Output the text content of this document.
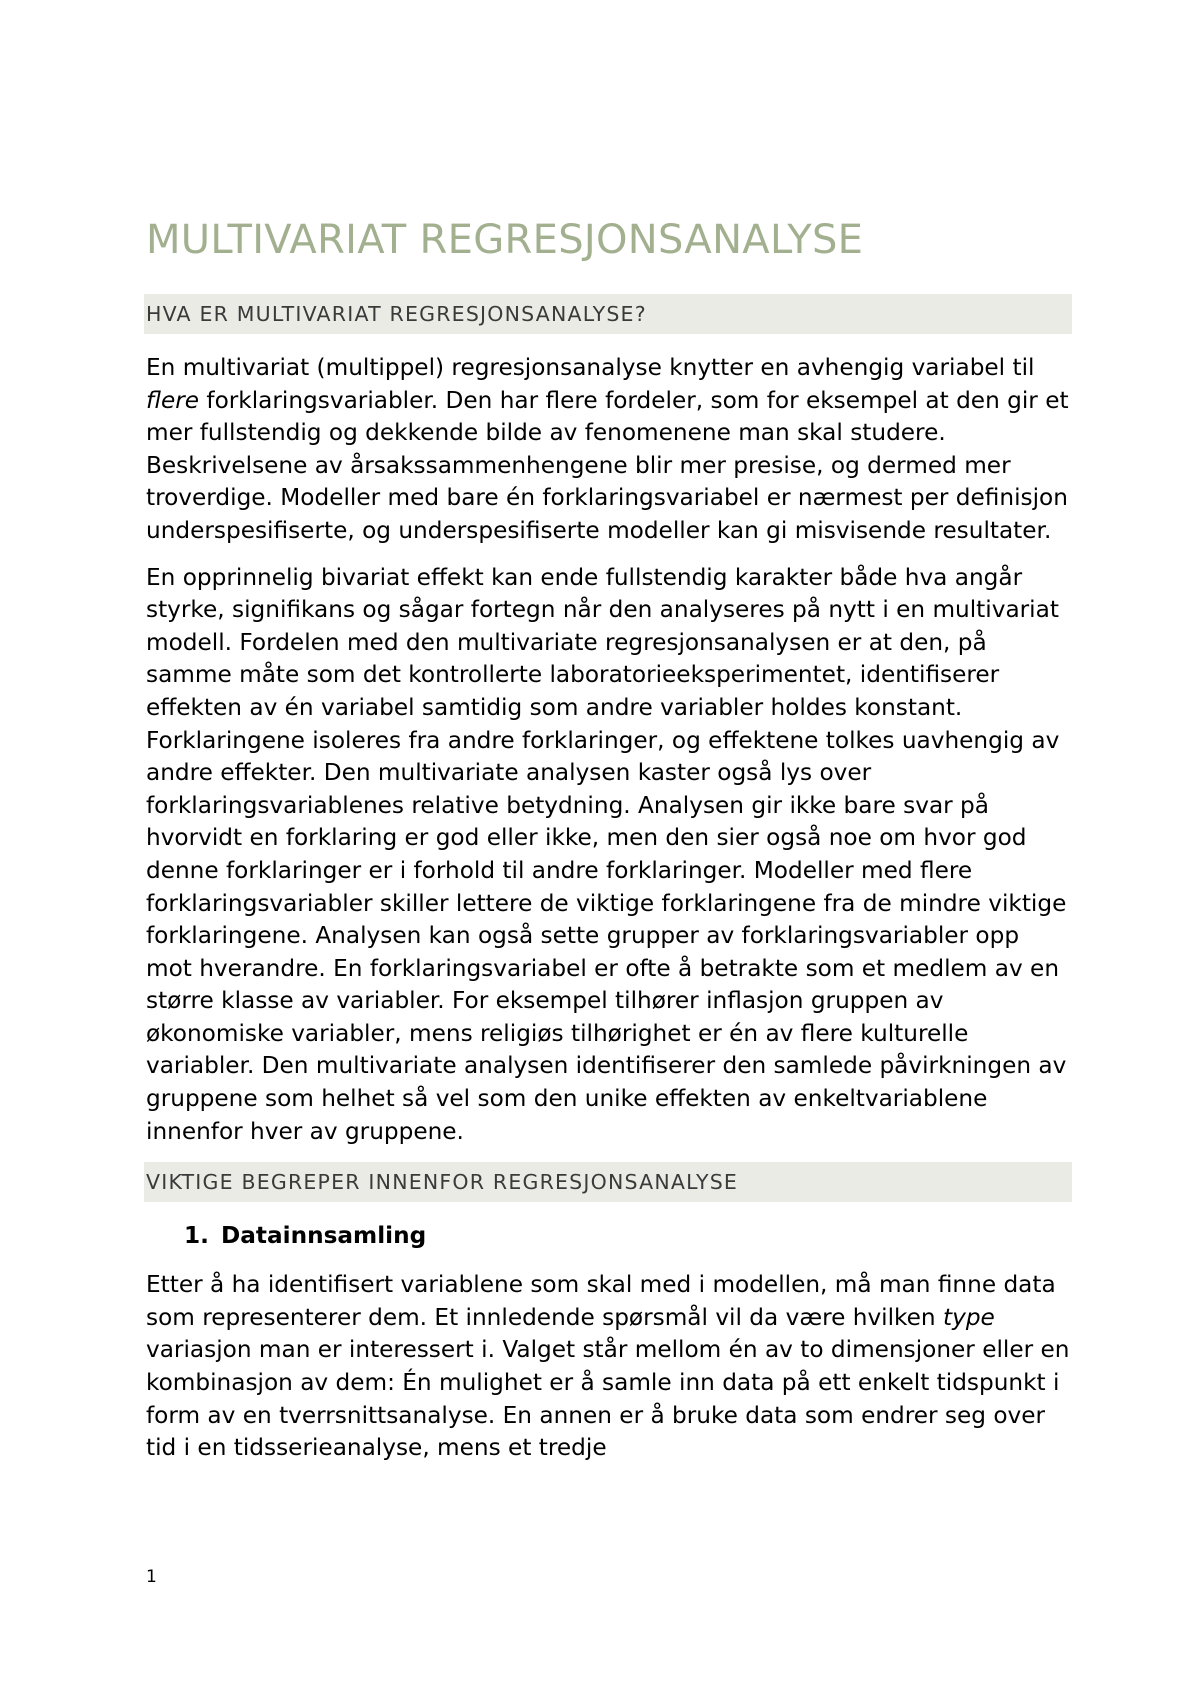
MULTIVARIAT REGRESJONSANALYSE
HVA ER MULTIVARIAT REGRESJONSANALYSE?

En multivariat (multippel) regresjonsanalyse knytter en avhengig variabel til flere forklaringsvariabler. Den har flere fordeler, som for eksempel at den gir et mer fullstendig og dekkende bilde av fenomenene man skal studere. Beskrivelsene av årsakssammenhengene blir mer presise, og dermed mer troverdige. Modeller med bare én forklaringsvariabel er nærmest per definisjon underspesifiserte, og underspesifiserte modeller kan gi misvisende resultater.

En opprinnelig bivariat effekt kan ende fullstendig karakter både hva angår styrke, signifikans og sågar fortegn når den analyseres på nytt i en multivariat modell. Fordelen med den multivariate regresjonsanalysen er at den, på samme måte som det kontrollerte laboratorieeksperimentet, identifiserer effekten av én variabel samtidig som andre variabler holdes konstant. Forklaringene isoleres fra andre forklaringer, og effektene tolkes uavhengig av andre effekter. Den multivariate analysen kaster også lys over forklaringsvariablenes relative betydning. Analysen gir ikke bare svar på hvorvidt en forklaring er god eller ikke, men den sier også noe om hvor god denne forklaringer er i forhold til andre forklaringer. Modeller med flere forklaringsvariabler skiller lettere de viktige forklaringene fra de mindre viktige forklaringene. Analysen kan også sette grupper av forklaringsvariabler opp mot hverandre. En forklaringsvariabel er ofte å betrakte som et medlem av en større klasse av variabler. For eksempel tilhører inflasjon gruppen av økonomiske variabler, mens religiøs tilhørighet er én av flere kulturelle variabler. Den multivariate analysen identifiserer den samlede påvirkningen av gruppene som helhet så vel som den unike effekten av enkeltvariablene innenfor hver av gruppene.

VIKTIGE BEGREPER INNENFOR REGRESJONSANALYSE
1. Datainnsamling

Etter å ha identifisert variablene som skal med i modellen, må man finne data som representerer dem. Et innledende spørsmål vil da være hvilken type variasjon man er interessert i. Valget står mellom én av to dimensjoner eller en kombinasjon av dem: Én mulighet er å samle inn data på ett enkelt tidspunkt i form av en tverrsnittsanalyse. En annen er å bruke data som endrer seg over tid i en tidsserieanalyse, mens et tredje

1
